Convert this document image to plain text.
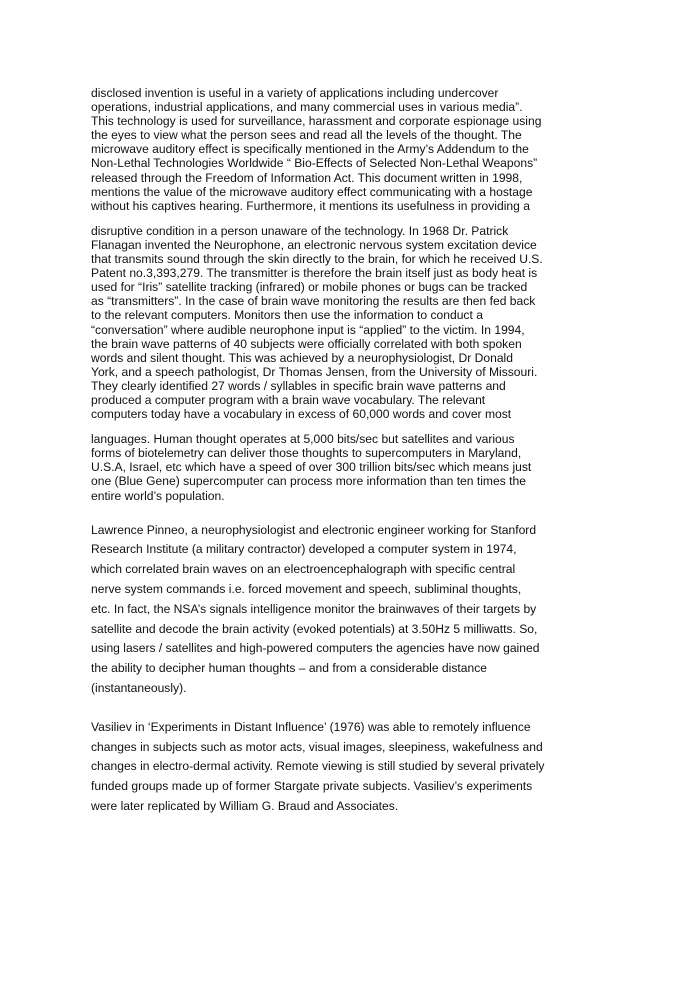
disclosed invention is useful in a variety of applications including undercover
operations, industrial applications, and many commercial uses in various media”.
This technology is used for surveillance, harassment and corporate espionage using
the eyes to view what the person sees and read all the levels of the thought. The
microwave auditory effect is specifically mentioned in the Army’s Addendum to the
Non-Lethal Technologies Worldwide “ Bio-Effects of Selected Non-Lethal Weapons”
released through the Freedom of Information Act. This document written in 1998,
mentions the value of the microwave auditory effect communicating with a hostage
without his captives hearing. Furthermore, it mentions its usefulness in providing a
disruptive condition in a person unaware of the technology. In 1968 Dr. Patrick
Flanagan invented the Neurophone, an electronic nervous system excitation device
that transmits sound through the skin directly to the brain, for which he received U.S.
Patent no.3,393,279. The transmitter is therefore the brain itself just as body heat is
used for “Iris” satellite tracking (infrared) or mobile phones or bugs can be tracked
as “transmitters”. In the case of brain wave monitoring the results are then fed back
to the relevant computers. Monitors then use the information to conduct a
“conversation” where audible neurophone input is “applied” to the victim. In 1994,
the brain wave patterns of 40 subjects were officially correlated with both spoken
words and silent thought. This was achieved by a neurophysiologist, Dr Donald
York, and a speech pathologist, Dr Thomas Jensen, from the University of Missouri.
They clearly identified 27 words / syllables in specific brain wave patterns and
produced a computer program with a brain wave vocabulary. The relevant
computers today have a vocabulary in excess of 60,000 words and cover most
languages. Human thought operates at 5,000 bits/sec but satellites and various
forms of biotelemetry can deliver those thoughts to supercomputers in Maryland,
U.S.A, Israel, etc which have a speed of over 300 trillion bits/sec which means just
one (Blue Gene) supercomputer can process more information than ten times the
entire world’s population.
Lawrence Pinneo, a neurophysiologist and electronic engineer working for Stanford
Research Institute (a military contractor) developed a computer system in 1974,
which correlated brain waves on an electroencephalograph with specific central
nerve system commands i.e. forced movement and speech, subliminal thoughts,
etc. In fact, the NSA’s signals intelligence monitor the brainwaves of their targets by
satellite and decode the brain activity (evoked potentials) at 3.50Hz 5 milliwatts. So,
using lasers / satellites and high-powered computers the agencies have now gained
the ability to decipher human thoughts – and from a considerable distance
(instantaneously).
Vasiliev in ‘Experiments in Distant Influence’ (1976) was able to remotely influence
changes in subjects such as motor acts, visual images, sleepiness, wakefulness and
changes in electro-dermal activity. Remote viewing is still studied by several privately
funded groups made up of former Stargate private subjects. Vasiliev’s experiments
were later replicated by William G. Braud and Associates.
